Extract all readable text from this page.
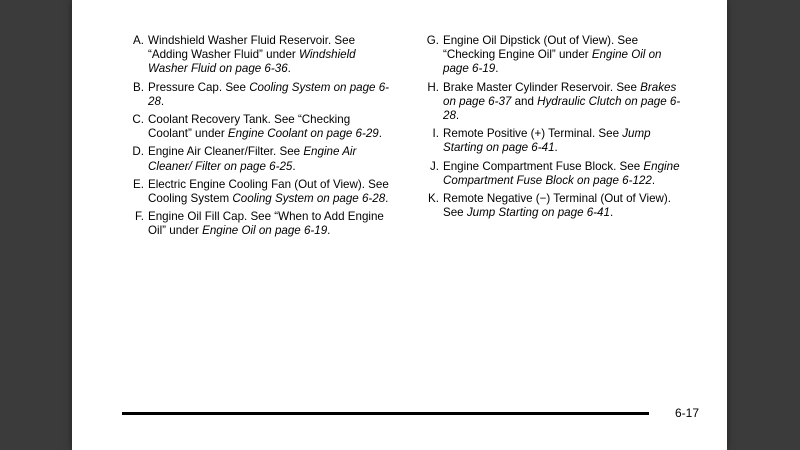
A. Windshield Washer Fluid Reservoir. See “Adding Washer Fluid” under Windshield Washer Fluid on page 6-36.
B. Pressure Cap. See Cooling System on page 6-28.
C. Coolant Recovery Tank. See “Checking Coolant” under Engine Coolant on page 6-29.
D. Engine Air Cleaner/Filter. See Engine Air Cleaner/ Filter on page 6-25.
E. Electric Engine Cooling Fan (Out of View). See Cooling System Cooling System on page 6-28.
F. Engine Oil Fill Cap. See “When to Add Engine Oil” under Engine Oil on page 6-19.
G. Engine Oil Dipstick (Out of View). See “Checking Engine Oil” under Engine Oil on page 6-19.
H. Brake Master Cylinder Reservoir. See Brakes on page 6-37 and Hydraulic Clutch on page 6-28.
I. Remote Positive (+) Terminal. See Jump Starting on page 6-41.
J. Engine Compartment Fuse Block. See Engine Compartment Fuse Block on page 6-122.
K. Remote Negative (−) Terminal (Out of View). See Jump Starting on page 6-41.
6-17
